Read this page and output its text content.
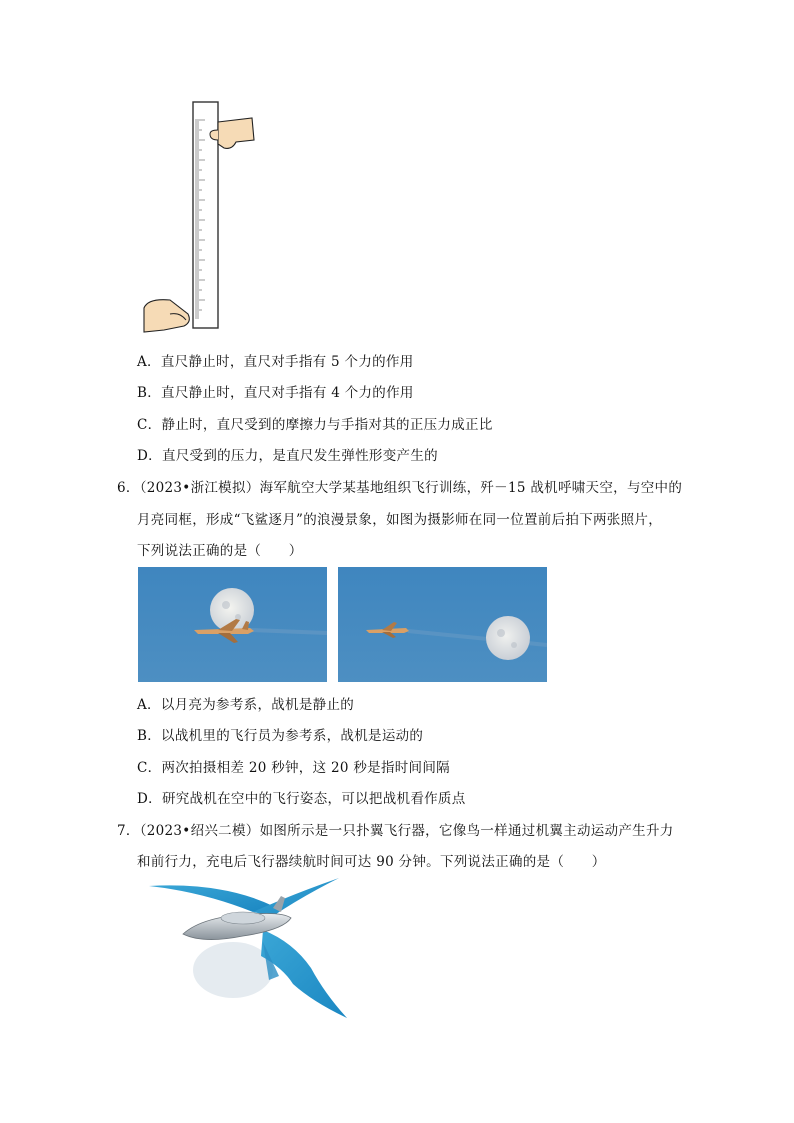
A．直尺静止时，直尺对手指有 5 个力的作用
B．直尺静止时，直尺对手指有 4 个力的作用
C．静止时，直尺受到的摩擦力与手指对其的正压力成正比
D．直尺受到的压力，是直尺发生弹性形变产生的
6．（2023•浙江模拟）海军航空大学某基地组织飞行训练，歼－15 战机呼啸天空，与空中的
月亮同框，形成“飞鲨逐月”的浪漫景象，如图为摄影师在同一位置前后拍下两张照片，
下列说法正确的是（　　）
A．以月亮为参考系，战机是静止的
B．以战机里的飞行员为参考系，战机是运动的
C．两次拍摄相差 20 秒钟，这 20 秒是指时间间隔
D．研究战机在空中的飞行姿态，可以把战机看作质点
7．（2023•绍兴二模）如图所示是一只扑翼飞行器，它像鸟一样通过机翼主动运动产生升力
和前行力，充电后飞行器续航时间可达 90 分钟。下列说法正确的是（　　）
